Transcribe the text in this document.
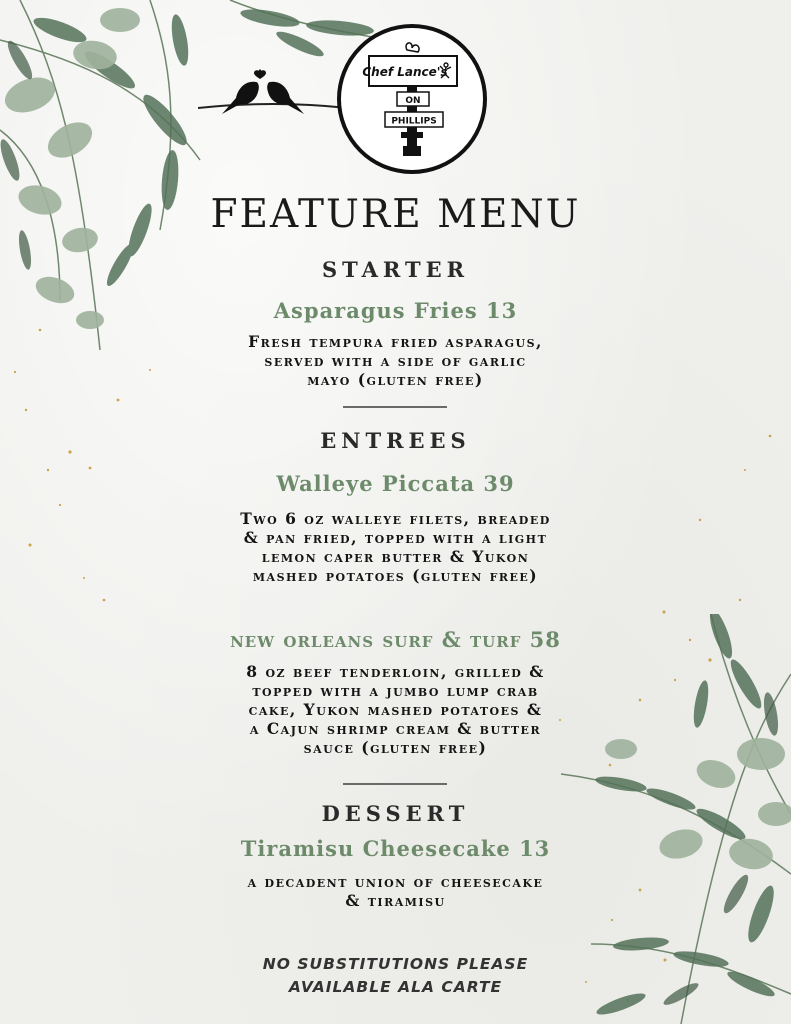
Chef Lance's
ON
PHILLIPS
FEATURE MENU
STARTER
Asparagus Fries 13
Fresh tempura fried asparagus,
served with a side of garlic
mayo (gluten free)
ENTREES
Walleye Piccata 39
Two 6 oz walleye filets, breaded
& pan fried, topped with a light
lemon caper butter & Yukon
mashed potatoes (gluten free)
new orleans surf & turf 58
8 oz beef tenderloin, grilled &
topped with a jumbo lump crab
cake, Yukon mashed potatoes &
a Cajun shrimp cream & butter
sauce (gluten free)
DESSERT
Tiramisu Cheesecake 13
a decadent union of cheesecake
& tiramisu
NO SUBSTITUTIONS PLEASE
AVAILABLE ALA CARTE
